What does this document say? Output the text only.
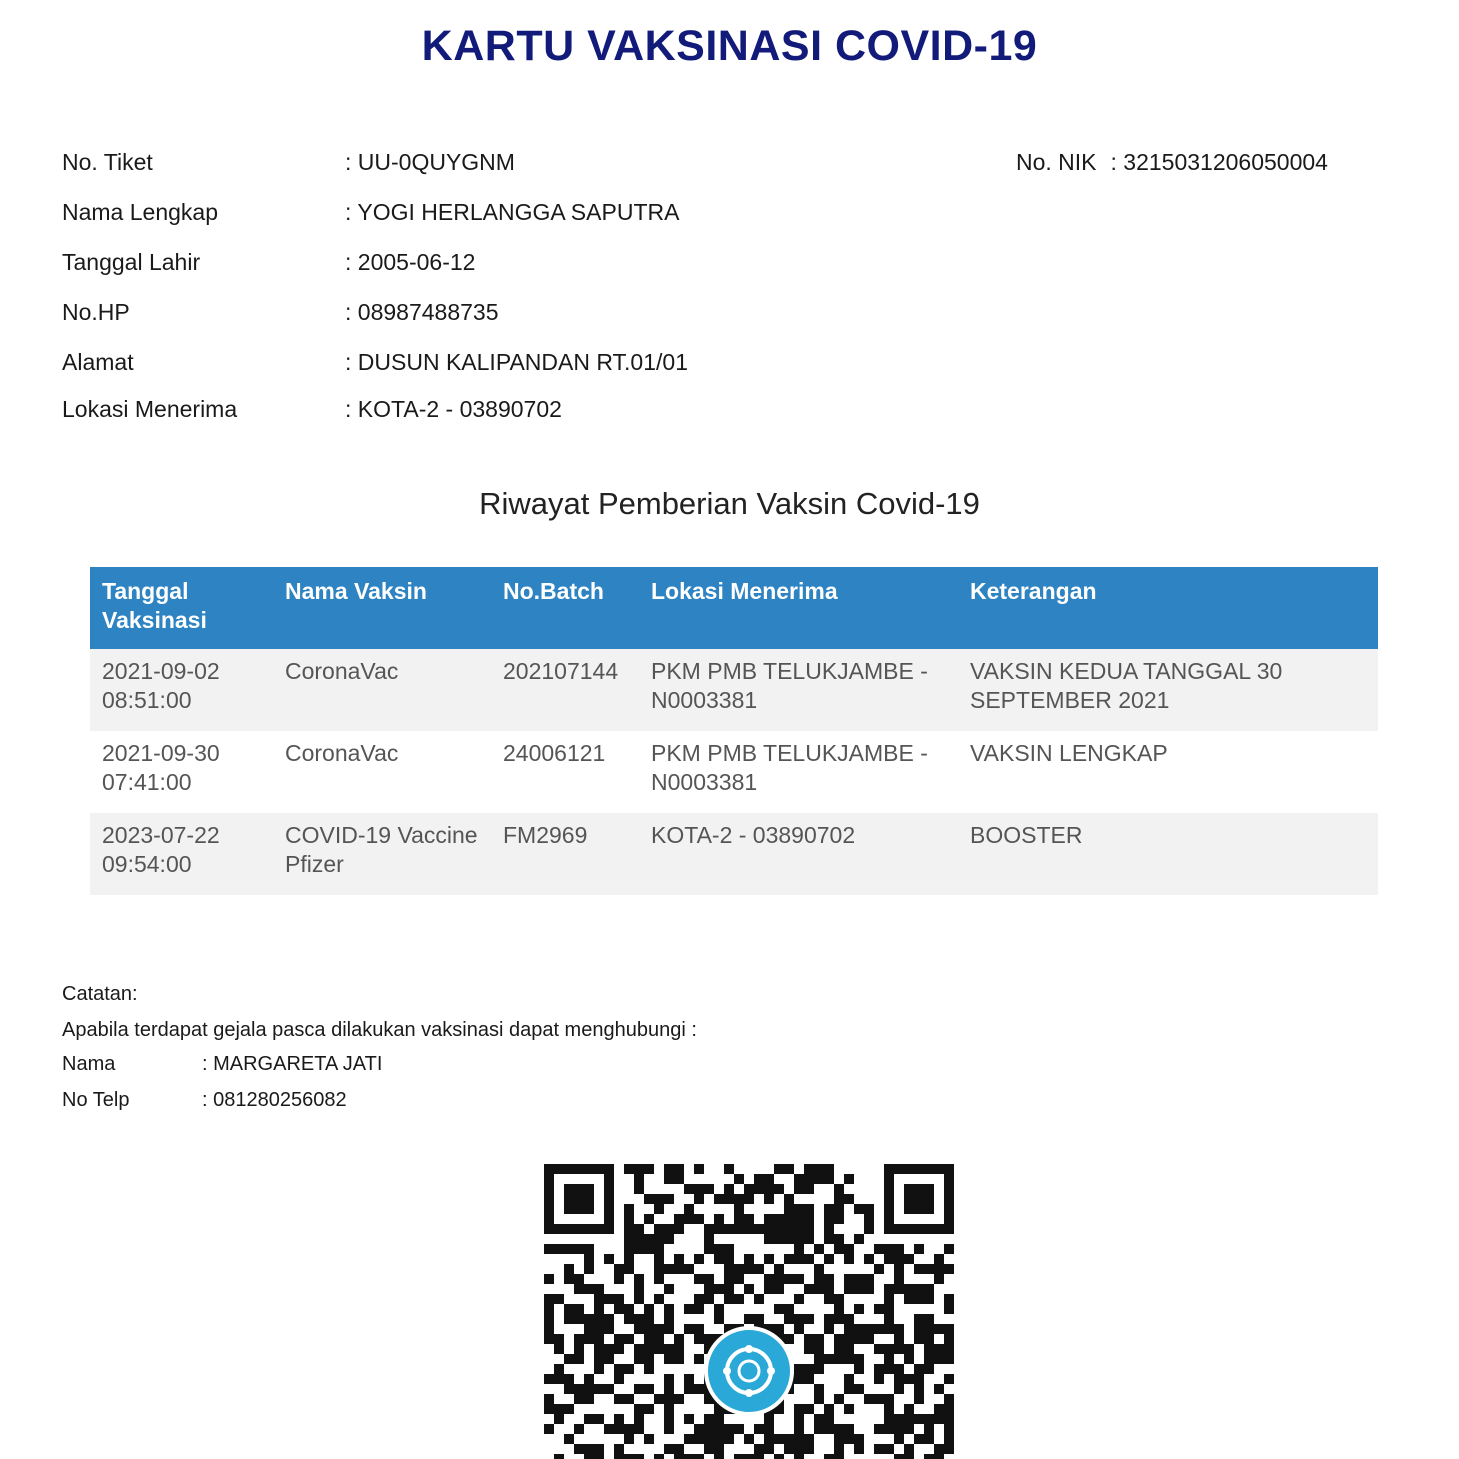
KARTU VAKSINASI COVID-19
No. Tiket	: UU-0QUYGNM
Nama Lengkap	: YOGI HERLANGGA SAPUTRA
Tanggal Lahir	: 2005-06-12
No.HP	: 08987488735
Alamat	: DUSUN KALIPANDAN RT.01/01
Lokasi Menerima	: KOTA-2 - 03890702
No. NIK : 3215031206050004
Riwayat Pemberian Vaksin Covid-19
Tanggal Vaksinasi	Nama Vaksin	No.Batch	Lokasi Menerima	Keterangan
2021-09-02 08:51:00	CoronaVac	202107144	PKM PMB TELUKJAMBE - N0003381	VAKSIN KEDUA TANGGAL 30 SEPTEMBER 2021
2021-09-30 07:41:00	CoronaVac	24006121	PKM PMB TELUKJAMBE - N0003381	VAKSIN LENGKAP
2023-07-22 09:54:00	COVID-19 Vaccine Pfizer	FM2969	KOTA-2 - 03890702	BOOSTER
Catatan:
Apabila terdapat gejala pasca dilakukan vaksinasi dapat menghubungi :
Nama	: MARGARETA JATI
No Telp	: 081280256082
